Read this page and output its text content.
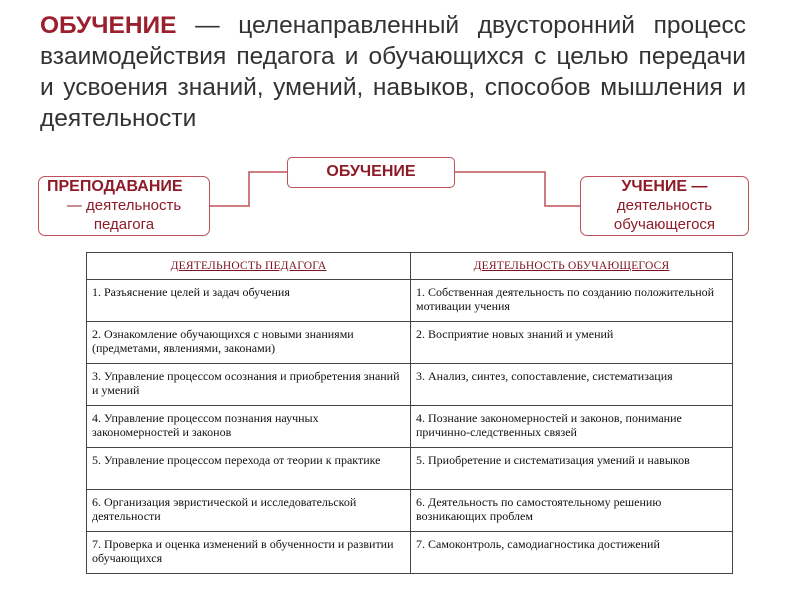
ОБУЧЕНИЕ — целенаправленный двусторонний процесс взаимодействия педагога и обучающихся с целью передачи и усвоения знаний, умений, навыков, способов мышления и деятельности
ОБУЧЕНИЕ
ПРЕПОДАВАНИЕ
— деятельность педагога
УЧЕНИЕ —
деятельность обучающегося
ДЕЯТЕЛЬНОСТЬ ПЕДАГОГА	ДЕЯТЕЛЬНОСТЬ ОБУЧАЮЩЕГОСЯ
1. Разъяснение целей и задач обучения	1. Собственная деятельность по созданию положительной мотивации учения
2. Ознакомление обучающихся с новыми знаниями (предметами, явлениями, законами)	2. Восприятие новых знаний и умений
3. Управление процессом осознания и приобретения знаний и умений	3. Анализ, синтез, сопоставление, систематизация
4. Управление процессом познания научных закономерностей и законов	4. Познание закономерностей и законов, понимание причинно-следственных связей
5. Управление процессом перехода от теории к практике	5. Приобретение и систематизация умений и навыков
6. Организация эвристической и исследовательской деятельности	6. Деятельность по самостоятельному решению возникающих проблем
7. Проверка и оценка изменений в обученности и развитии обучающихся	7. Самоконтроль, самодиагностика достижений
